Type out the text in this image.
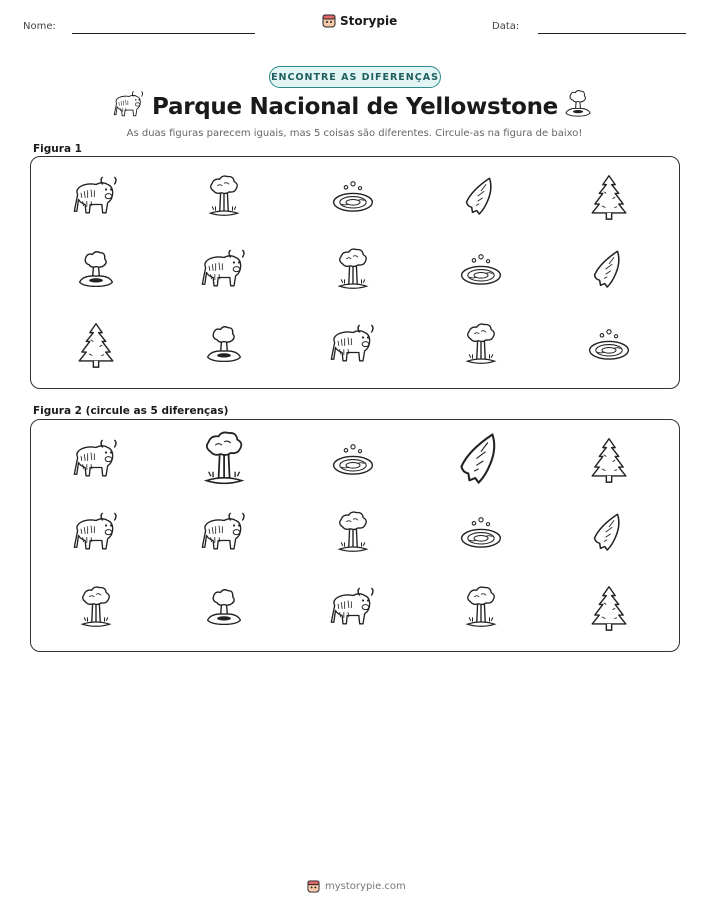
Nome:	Storypie	Data:
ENCONTRE AS DIFERENÇAS
Parque Nacional de Yellowstone
As duas figuras parecem iguais, mas 5 coisas são diferentes. Circule-as na figura de baixo!
Figura 1
Figura 2 (circule as 5 diferenças)
mystorypie.com
